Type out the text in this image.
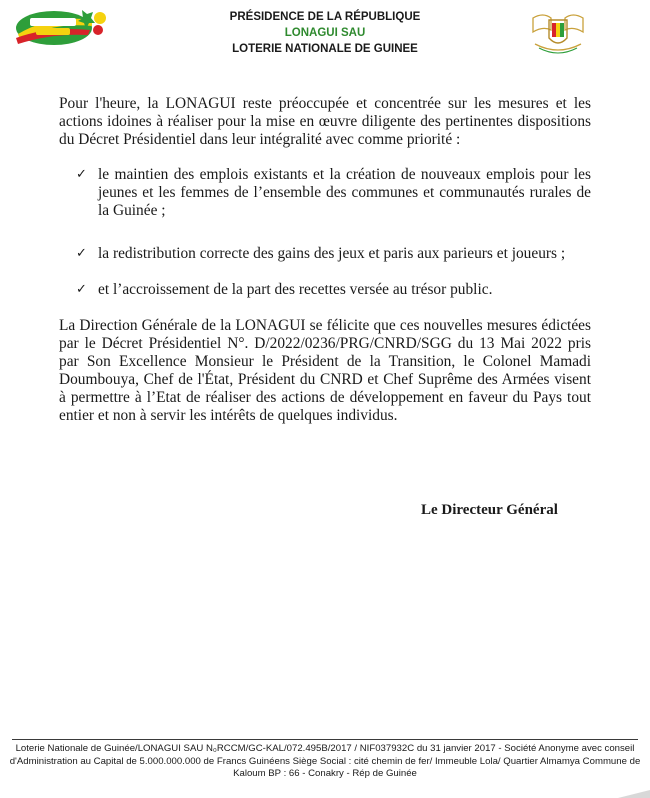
PRÉSIDENCE DE LA RÉPUBLIQUE
LONAGUI SAU
LOTERIE NATIONALE DE GUINEE
Pour l'heure, la LONAGUI reste préoccupée et concentrée sur les mesures et les actions idoines à réaliser pour la mise en œuvre diligente des pertinentes dispositions du Décret Présidentiel dans leur intégralité avec comme priorité :
✓ le maintien des emplois existants et la création de nouveaux emplois pour les jeunes et les femmes de l’ensemble des communes et communautés rurales de la Guinée ;
✓ la redistribution correcte des gains des jeux et paris aux parieurs et joueurs ;
✓ et l’accroissement de la part des recettes versée au trésor public.
La Direction Générale de la LONAGUI se félicite que ces nouvelles mesures édictées par le Décret Présidentiel N°. D/2022/0236/PRG/CNRD/SGG du 13 Mai 2022 pris par Son Excellence Monsieur le Président de la Transition, le Colonel Mamadi Doumbouya, Chef de l'État, Président du CNRD et Chef Suprême des Armées visent à permettre à l’Etat de réaliser des actions de développement en faveur du Pays tout entier et non à servir les intérêts de quelques individus.
Le Directeur Général
Loterie Nationale de Guinée/LONAGUI SAU N₀RCCM/GC-KAL/072.495B/2017 / NIF037932C du 31 janvier 2017 - Société Anonyme avec conseil d'Administration au Capital de 5.000.000.000 de Francs Guinéens Siège Social : cité chemin de fer/ Immeuble Lola/ Quartier Almamya Commune de Kaloum BP : 66 - Conakry - Rép de Guinée
